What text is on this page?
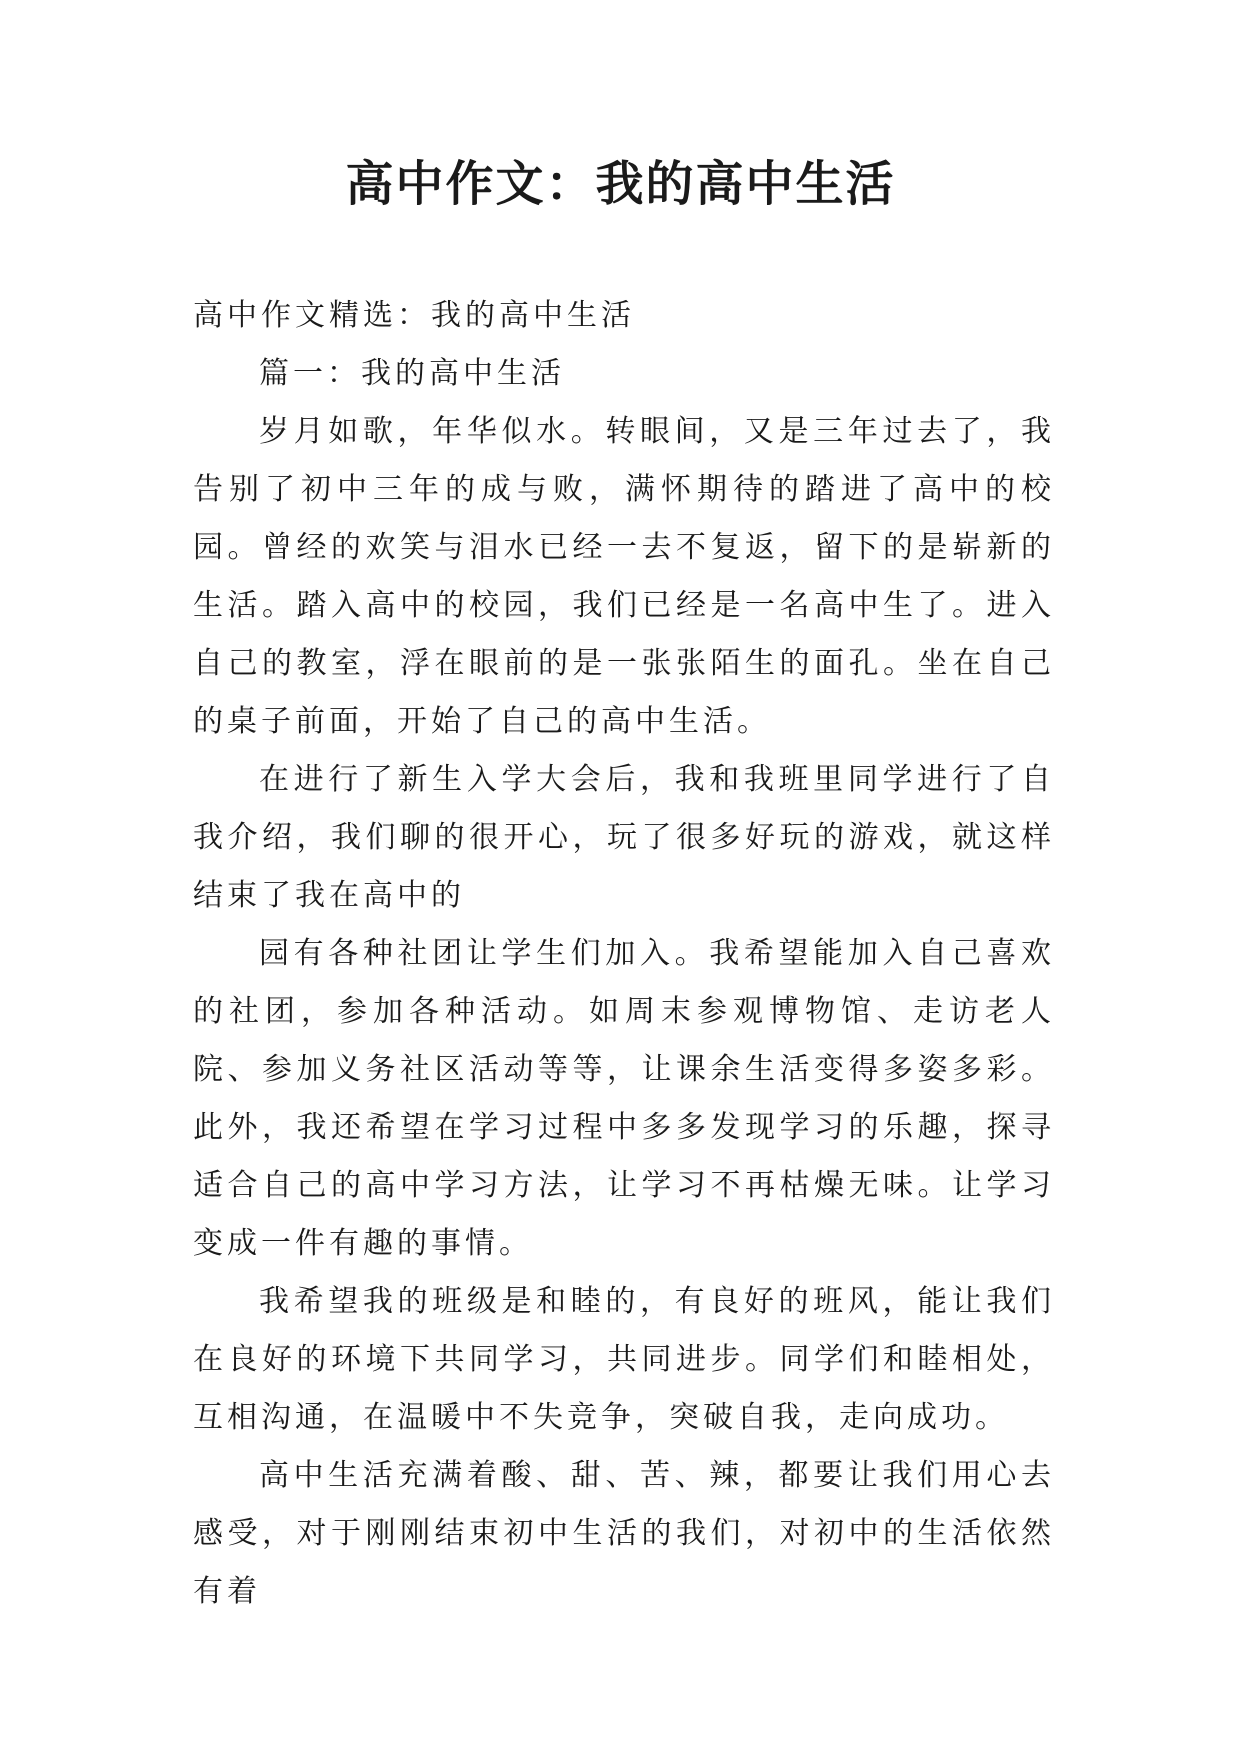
高中作文：我的高中生活

高中作文精选：我的高中生活

篇一：我的高中生活

岁月如歌，年华似水。转眼间，又是三年过去了，我告别了初中三年的成与败，满怀期待的踏进了高中的校园。曾经的欢笑与泪水已经一去不复返，留下的是崭新的生活。踏入高中的校园，我们已经是一名高中生了。进入自己的教室，浮在眼前的是一张张陌生的面孔。坐在自己的桌子前面，开始了自己的高中生活。

在进行了新生入学大会后，我和我班里同学进行了自我介绍，我们聊的很开心，玩了很多好玩的游戏，就这样结束了我在高中的

园有各种社团让学生们加入。我希望能加入自己喜欢的社团，参加各种活动。如周末参观博物馆、走访老人院、参加义务社区活动等等，让课余生活变得多姿多彩。此外，我还希望在学习过程中多多发现学习的乐趣，探寻适合自己的高中学习方法，让学习不再枯燥无味。让学习变成一件有趣的事情。

我希望我的班级是和睦的，有良好的班风，能让我们在良好的环境下共同学习，共同进步。同学们和睦相处，互相沟通，在温暖中不失竞争，突破自我，走向成功。

高中生活充满着酸、甜、苦、辣，都要让我们用心去感受，对于刚刚结束初中生活的我们，对初中的生活依然有着
